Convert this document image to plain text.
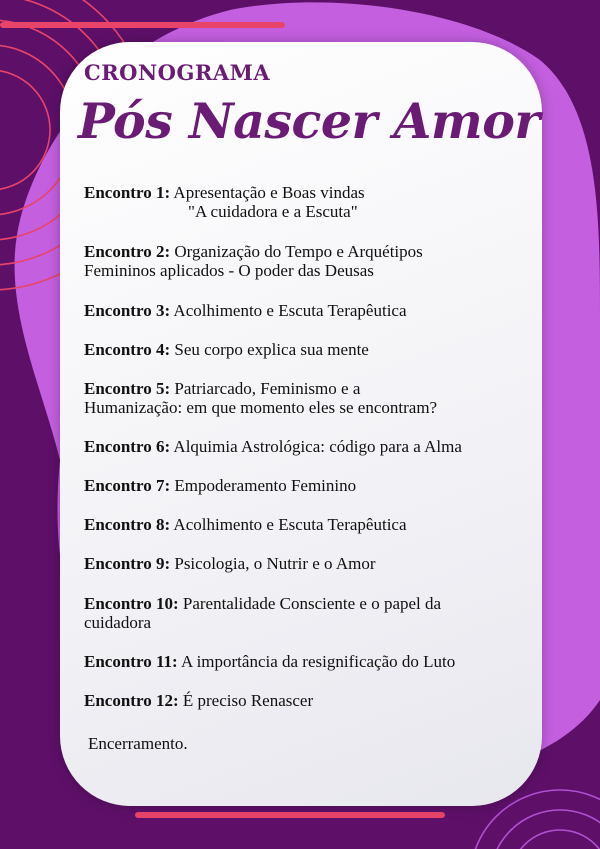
CRONOGRAMA
Pós Nascer Amor
Encontro 1: Apresentação e Boas vindas
"A cuidadora e a Escuta"
Encontro 2: Organização do Tempo e Arquétipos
Femininos aplicados - O poder das Deusas
Encontro 3: Acolhimento e Escuta Terapêutica
Encontro 4: Seu corpo explica sua mente
Encontro 5: Patriarcado, Feminismo e a
Humanização: em que momento eles se encontram?
Encontro 6: Alquimia Astrológica: código para a Alma
Encontro 7: Empoderamento Feminino
Encontro 8: Acolhimento e Escuta Terapêutica
Encontro 9: Psicologia, o Nutrir e o Amor
Encontro 10: Parentalidade Consciente e o papel da
cuidadora
Encontro 11: A importância da resignificação do Luto
Encontro 12: É preciso Renascer
Encerramento.
